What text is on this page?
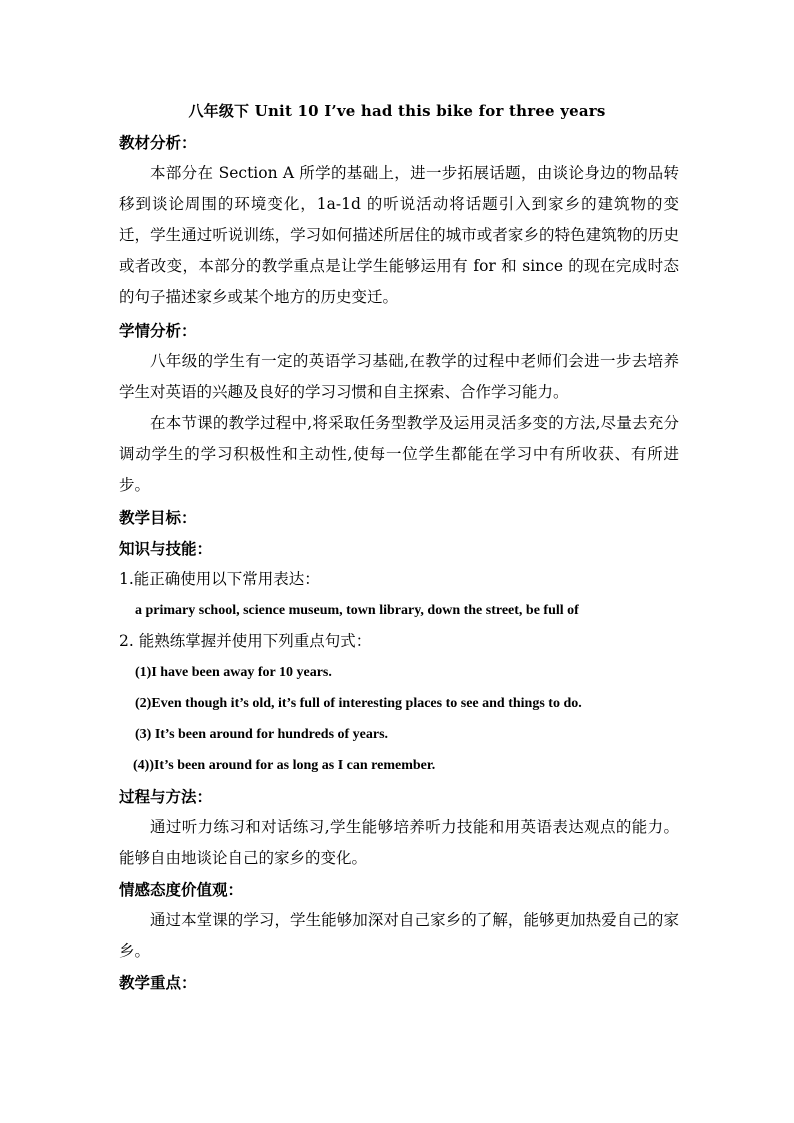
八年级下 Unit 10 I’ve had this bike for three years
教材分析：

本部分在 Section A 所学的基础上，进一步拓展话题，由谈论身边的物品转移到谈论周围的环境变化，1a-1d 的听说活动将话题引入到家乡的建筑物的变迁，学生通过听说训练，学习如何描述所居住的城市或者家乡的特色建筑物的历史或者改变，本部分的教学重点是让学生能够运用有 for 和 since 的现在完成时态的句子描述家乡或某个地方的历史变迁。

学情分析：

八年级的学生有一定的英语学习基础,在教学的过程中老师们会进一步去培养学生对英语的兴趣及良好的学习习惯和自主探索、合作学习能力。

在本节课的教学过程中,将采取任务型教学及运用灵活多变的方法,尽量去充分调动学生的学习积极性和主动性,使每一位学生都能在学习中有所收获、有所进步。

教学目标：
知识与技能：

1.能正确使用以下常用表达：

a primary school, science museum, town library, down the street, be full of

2. 能熟练掌握并使用下列重点句式：

(1)I have been away for 10 years.
(2)Even though it’s old, it’s full of interesting places to see and things to do.
(3) It’s been around for hundreds of years.
(4))It’s been around for as long as I can remember.
过程与方法：

通过听力练习和对话练习,学生能够培养听力技能和用英语表达观点的能力。能够自由地谈论自己的家乡的变化。

情感态度价值观：

通过本堂课的学习，学生能够加深对自己家乡的了解，能够更加热爱自己的家乡。

教学重点：
